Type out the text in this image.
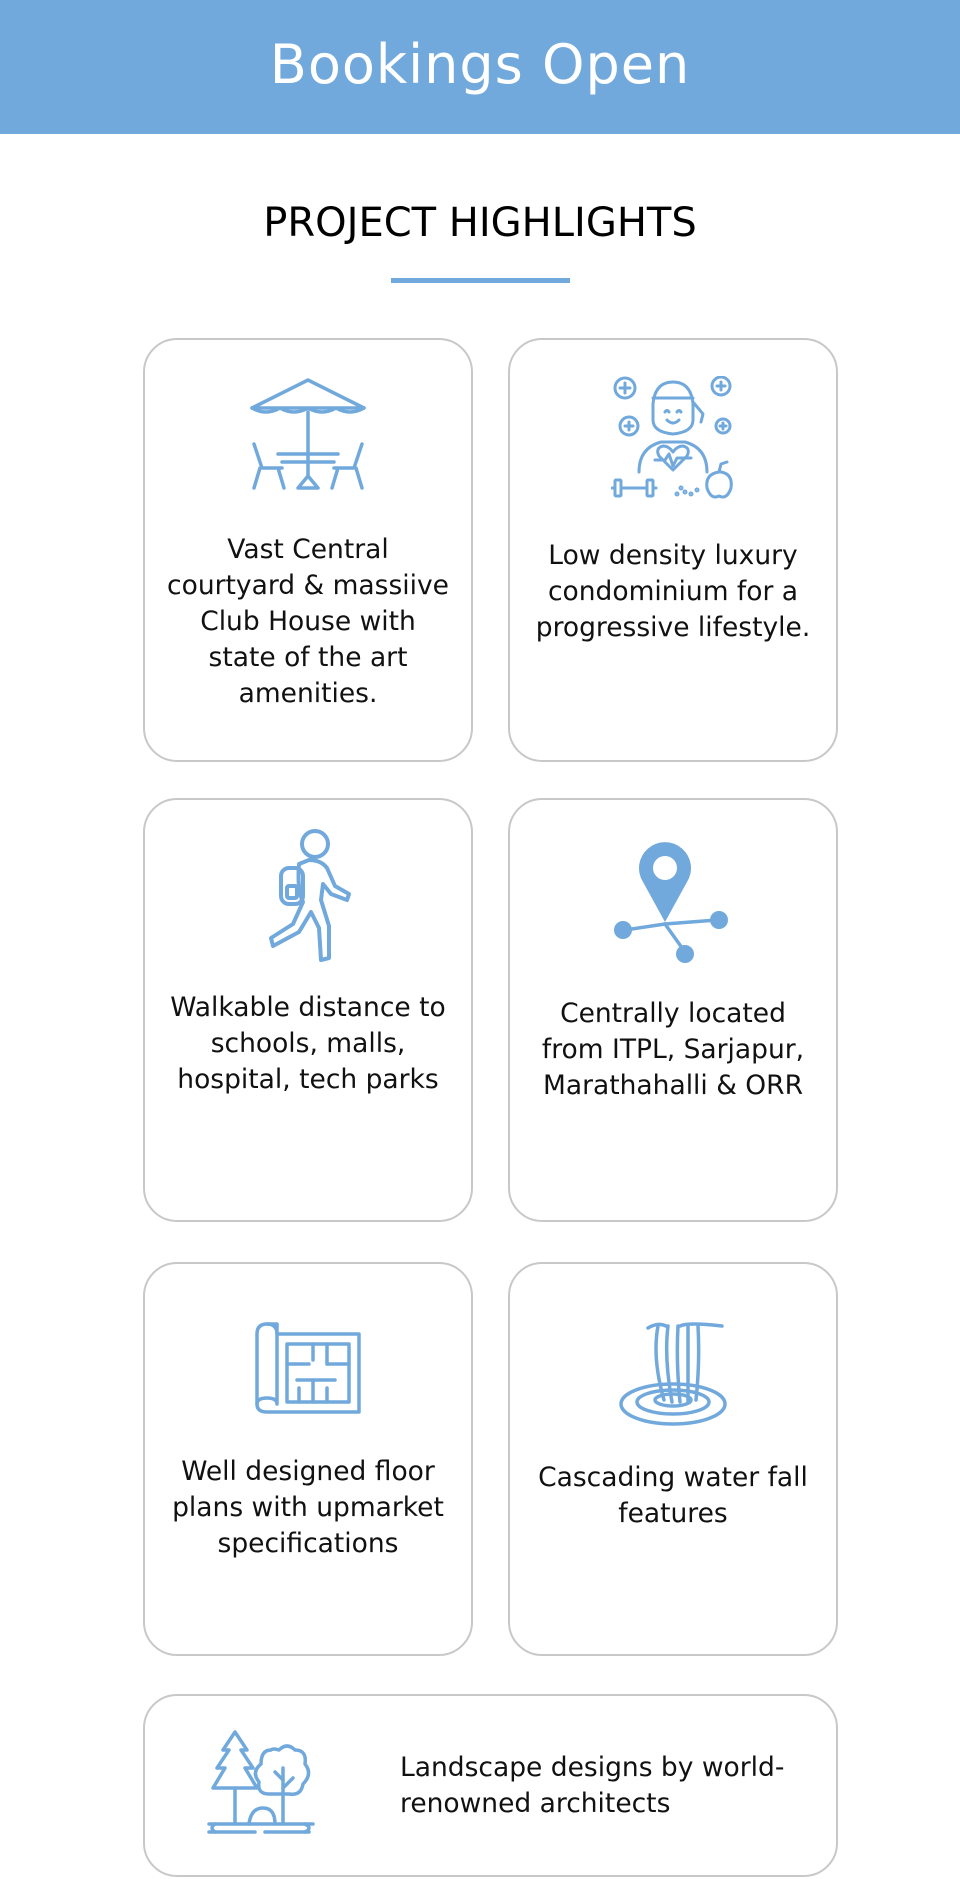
Bookings Open
PROJECT HIGHLIGHTS

Vast Central courtyard & massiive Club House with state of the art amenities.

Low density luxury condominium for a progressive lifestyle.

Walkable distance to schools, malls, hospital, tech parks

Centrally located from ITPL, Sarjapur, Marathahalli & ORR

Well designed floor plans with upmarket specifications

Cascading water fall features

Landscape designs by world-renowned architects
